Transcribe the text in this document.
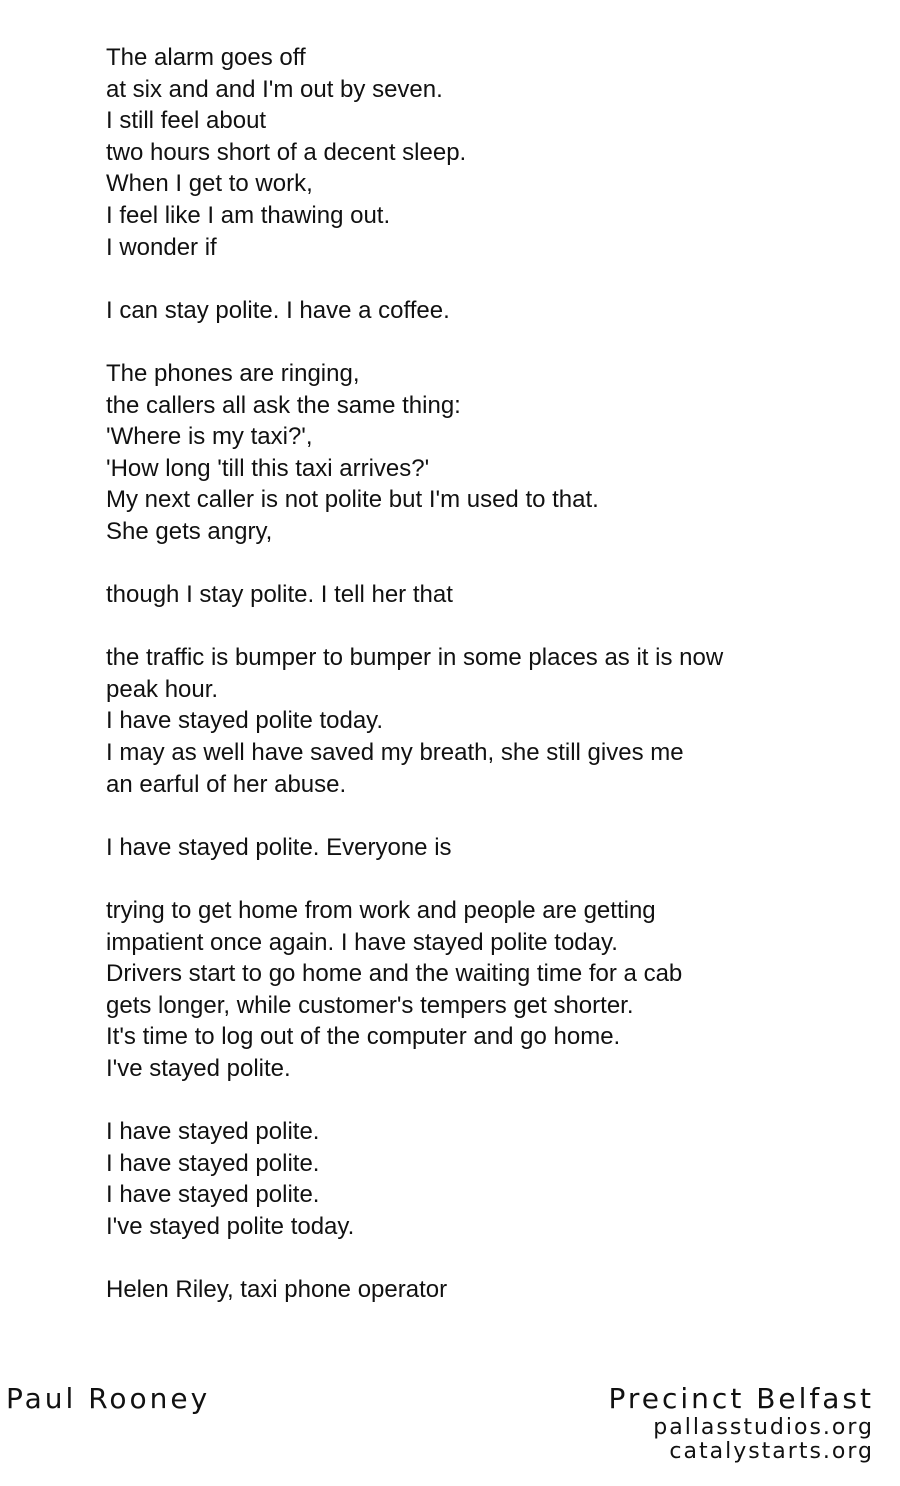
The alarm goes off
at six and and I'm out by seven.
I still feel about
two hours short of a decent sleep.
When I get to work,
I feel like I am thawing out.
I wonder if
I can stay polite. I have a coffee.
The phones are ringing,
the callers all ask the same thing:
'Where is my taxi?',
'How long 'till this taxi arrives?'
My next caller is not polite but I'm used to that.
She gets angry,
though I stay polite. I tell her that
the traffic is bumper to bumper in some places as it is now
peak hour.
I have stayed polite today.
I may as well have saved my breath, she still gives me
an earful of her abuse.
I have stayed polite. Everyone is
trying to get home from work and people are getting
impatient once again. I have stayed polite today.
Drivers start to go home and the waiting time for a cab
gets longer, while customer's tempers get shorter.
It's time to log out of the computer and go home.
I've stayed polite.
I have stayed polite.
I have stayed polite.
I have stayed polite.
I've stayed polite today.
Helen Riley, taxi phone operator
Paul Rooney	Precinct Belfast
pallasstudios.org
catalystarts.org
